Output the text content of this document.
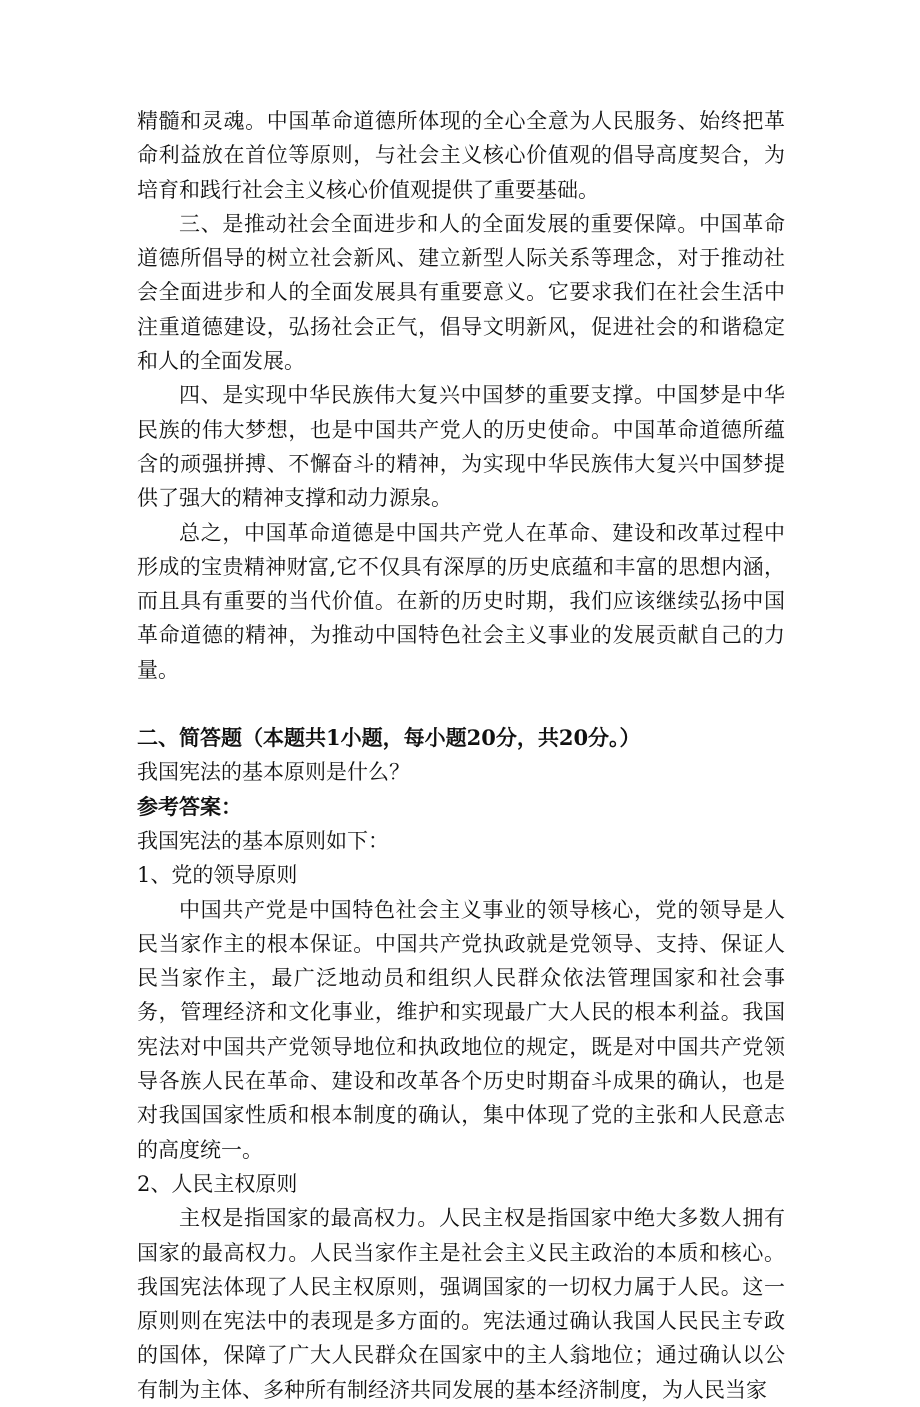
精髓和灵魂。中国革命道德所体现的全心全意为人民服务、始终把革命利益放在首位等原则，与社会主义核心价值观的倡导高度契合，为培育和践行社会主义核心价值观提供了重要基础。

三、是推动社会全面进步和人的全面发展的重要保障。中国革命道德所倡导的树立社会新风、建立新型人际关系等理念，对于推动社会全面进步和人的全面发展具有重要意义。它要求我们在社会生活中注重道德建设，弘扬社会正气，倡导文明新风，促进社会的和谐稳定和人的全面发展。

四、是实现中华民族伟大复兴中国梦的重要支撑。中国梦是中华民族的伟大梦想，也是中国共产党人的历史使命。中国革命道德所蕴含的顽强拼搏、不懈奋斗的精神，为实现中华民族伟大复兴中国梦提供了强大的精神支撑和动力源泉。

总之，中国革命道德是中国共产党人在革命、建设和改革过程中形成的宝贵精神财富,它不仅具有深厚的历史底蕴和丰富的思想内涵，而且具有重要的当代价值。在新的历史时期，我们应该继续弘扬中国革命道德的精神，为推动中国特色社会主义事业的发展贡献自己的力量。

二、简答题（本题共1小题，每小题20分，共20分。）

我国宪法的基本原则是什么？

参考答案：

我国宪法的基本原则如下：

1、党的领导原则

中国共产党是中国特色社会主义事业的领导核心，党的领导是人民当家作主的根本保证。中国共产党执政就是党领导、支持、保证人民当家作主，最广泛地动员和组织人民群众依法管理国家和社会事务，管理经济和文化事业，维护和实现最广大人民的根本利益。我国宪法对中国共产党领导地位和执政地位的规定，既是对中国共产党领导各族人民在革命、建设和改革各个历史时期奋斗成果的确认，也是对我国国家性质和根本制度的确认，集中体现了党的主张和人民意志的高度统一。

2、人民主权原则

主权是指国家的最高权力。人民主权是指国家中绝大多数人拥有国家的最高权力。人民当家作主是社会主义民主政治的本质和核心。我国宪法体现了人民主权原则，强调国家的一切权力属于人民。这一原则则在宪法中的表现是多方面的。宪法通过确认我国人民民主专政的国体，保障了广大人民群众在国家中的主人翁地位；通过确认以公有制为主体、多种所有制经济共同发展的基本经济制度，为人民当家
